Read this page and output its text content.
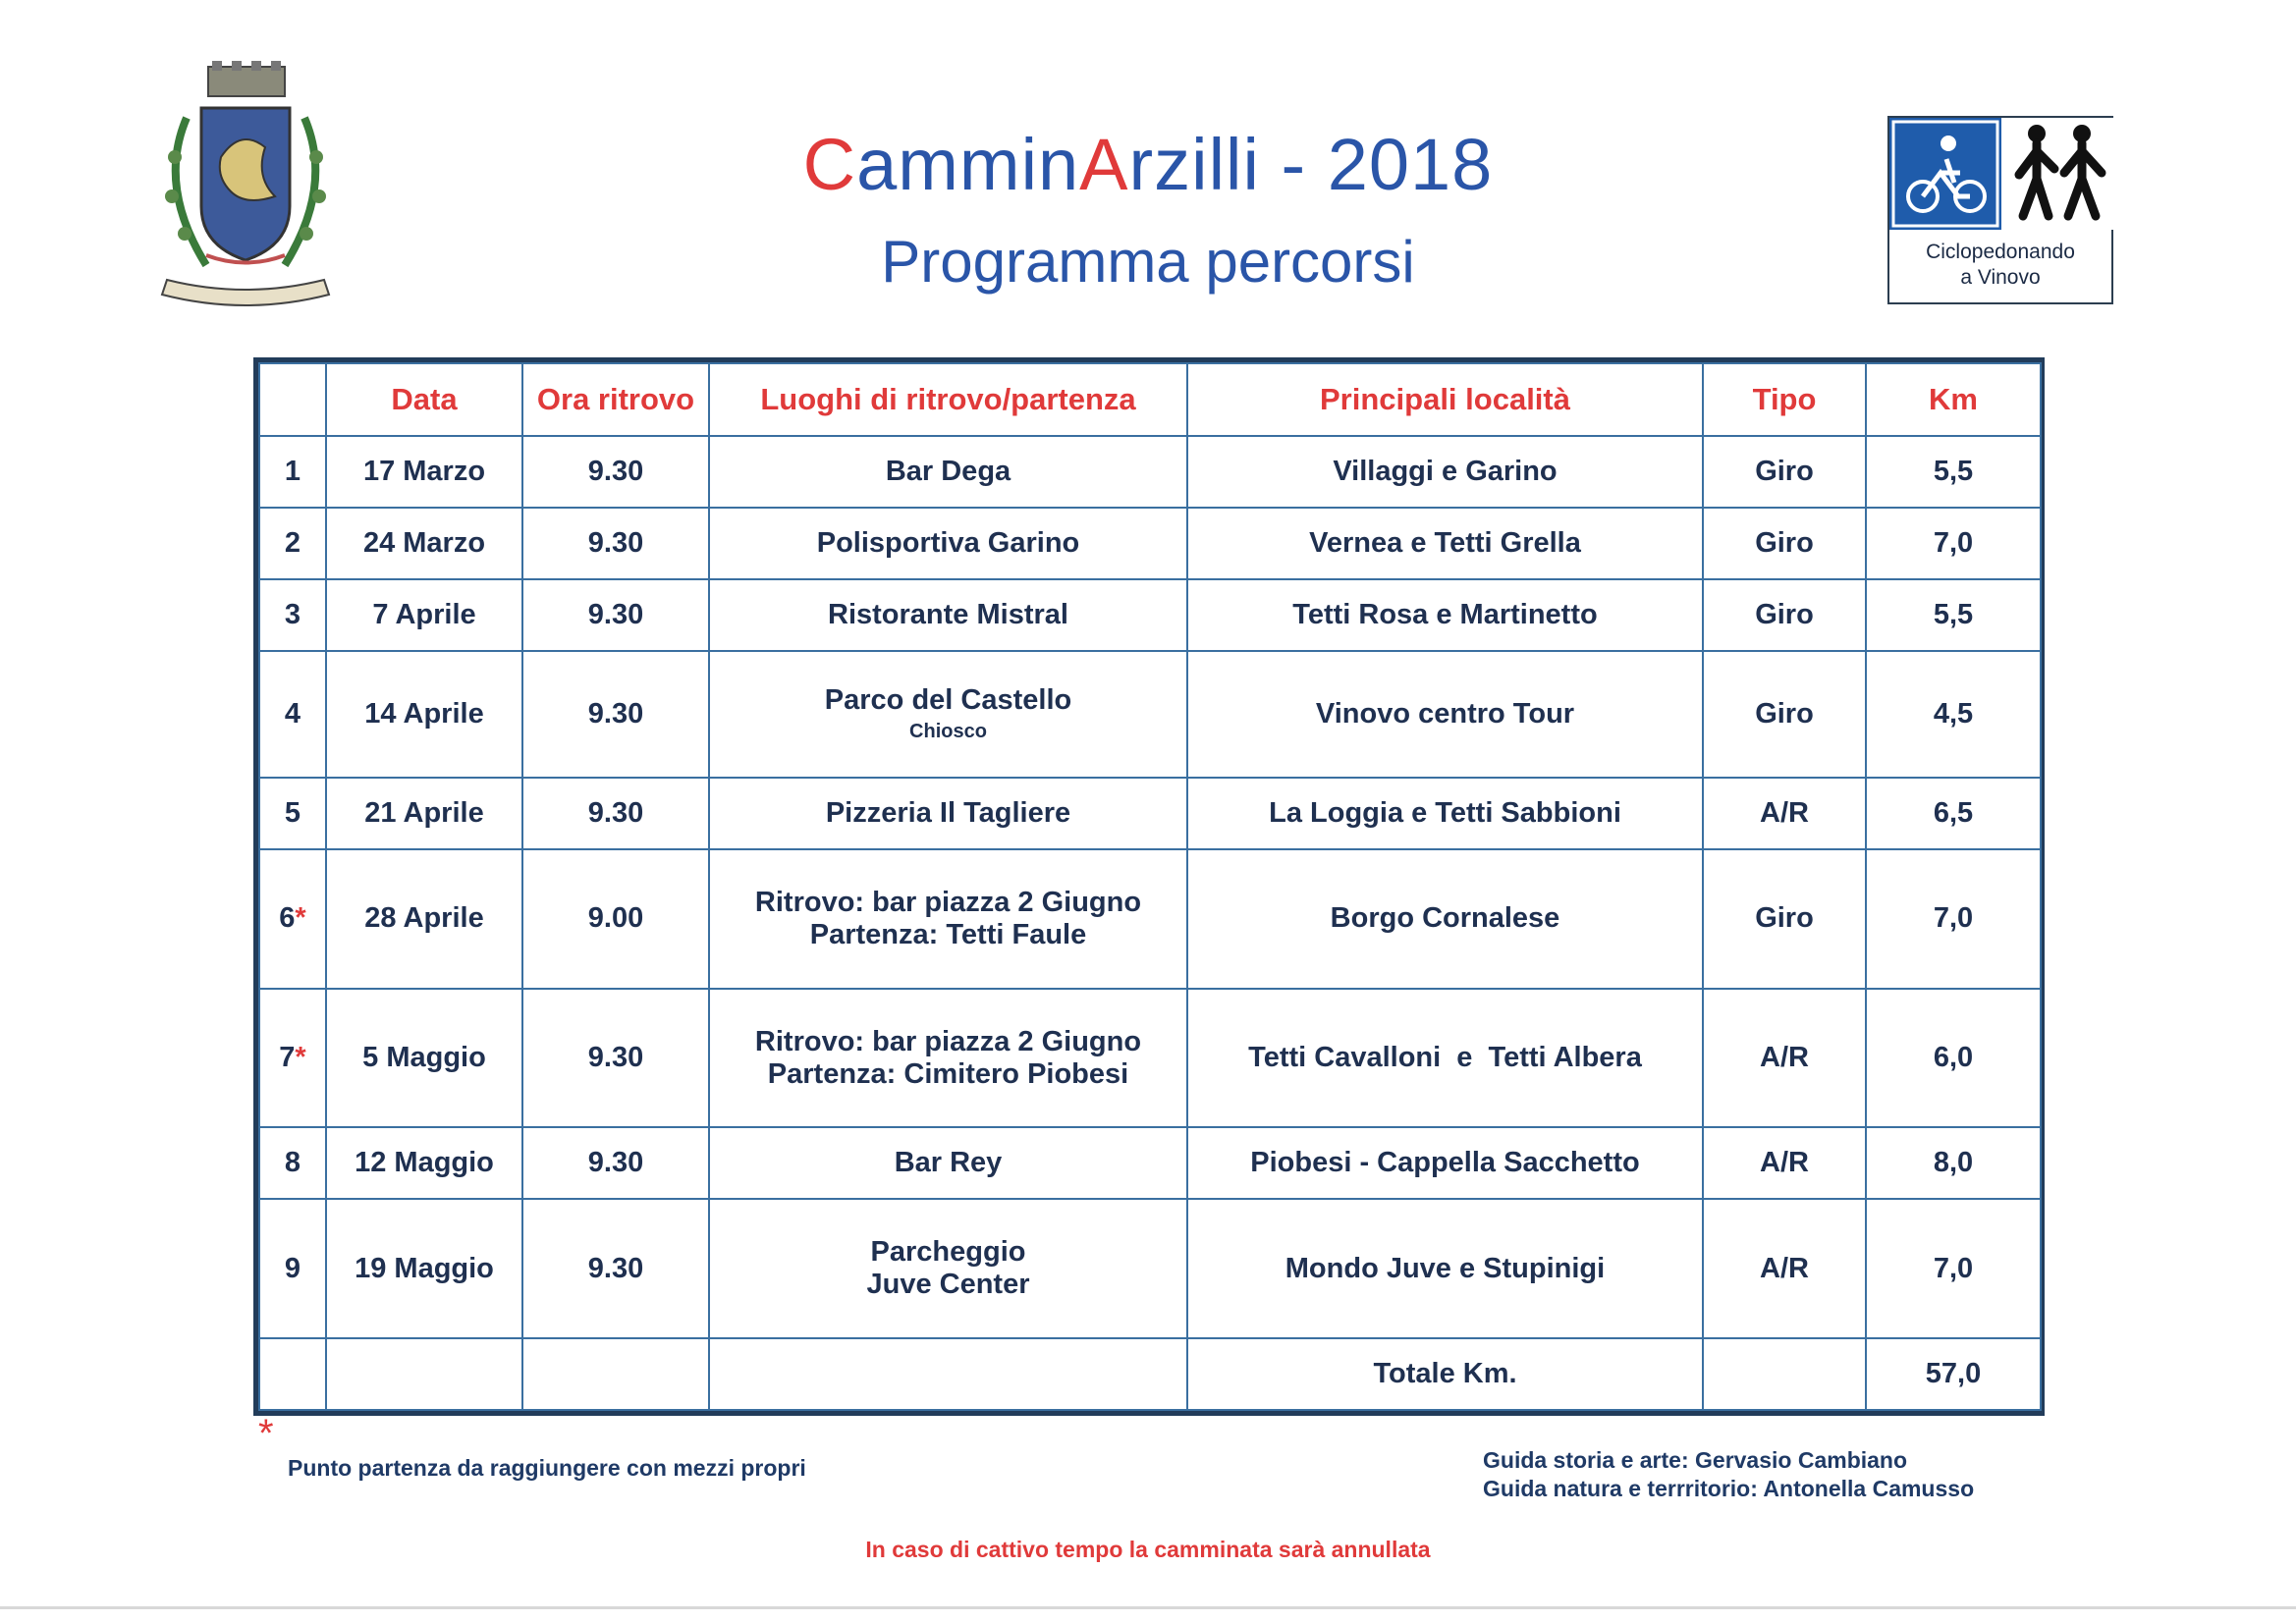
CamminArzilli - 2018
Programma percorsi	Ciclopedonando
a Vinovo
	Data	Ora ritrovo	Luoghi di ritrovo/partenza	Principali località	Tipo	Km
1	17 Marzo	9.30	Bar Dega	Villaggi e Garino	Giro	5,5
2	24 Marzo	9.30	Polisportiva Garino	Vernea e Tetti Grella	Giro	7,0
3	7 Aprile	9.30	Ristorante Mistral	Tetti Rosa e Martinetto	Giro	5,5
4	14 Aprile	9.30	Parco del Castello
Chiosco	Vinovo centro Tour	Giro	4,5
5	21 Aprile	9.30	Pizzeria Il Tagliere	La Loggia e Tetti Sabbioni	A/R	6,5
6*	28 Aprile	9.00	Ritrovo: bar piazza 2 Giugno
Partenza: Tetti Faule	Borgo Cornalese	Giro	7,0
7*	5 Maggio	9.30	Ritrovo: bar piazza 2 Giugno
Partenza: Cimitero Piobesi	Tetti Cavalloni  e  Tetti Albera	A/R	6,0
8	12 Maggio	9.30	Bar Rey	Piobesi - Cappella Sacchetto	A/R	8,0
9	19 Maggio	9.30	Parcheggio
Juve Center	Mondo Juve e Stupinigi	A/R	7,0
				Totale Km.		57,0
*
Punto partenza da raggiungere con mezzi propri	Guida storia e arte: Gervasio Cambiano
Guida natura e terrritorio: Antonella Camusso
In caso di cattivo tempo la camminata sarà annullata
